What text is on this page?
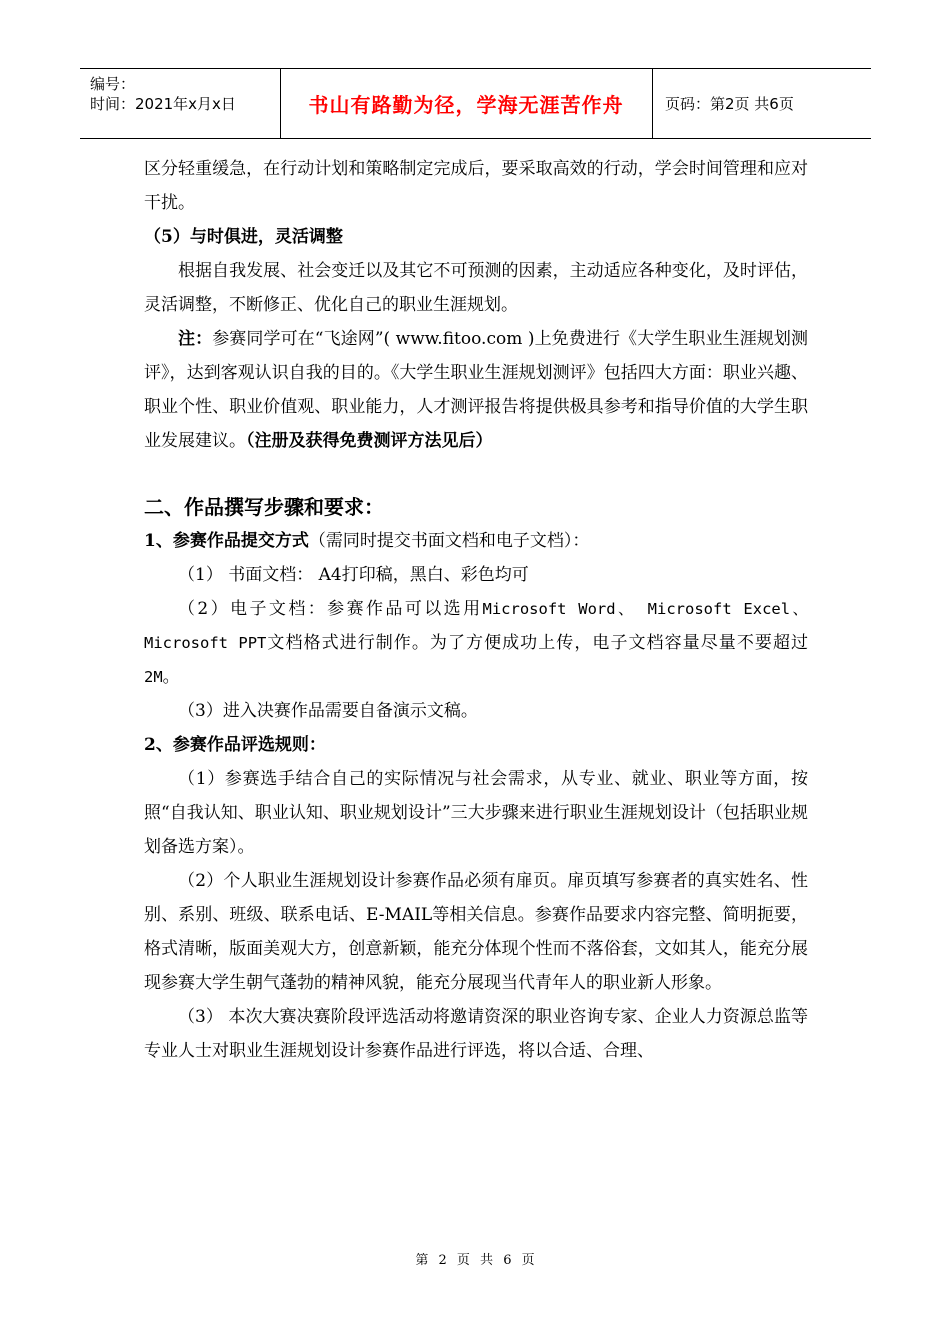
编号：
时间：2021年x月x日	书山有路勤为径，学海无涯苦作舟	页码：第2页 共6页

区分轻重缓急，在行动计划和策略制定完成后，要采取高效的行动，学会时间管理和应对干扰。

（5）与时俱进，灵活调整

根据自我发展、社会变迁以及其它不可预测的因素，主动适应各种变化，及时评估，灵活调整，不断修正、优化自己的职业生涯规划。

注：参赛同学可在“飞途网”( www.fitoo.com )上免费进行《大学生职业生涯规划测评》，达到客观认识自我的目的。《大学生职业生涯规划测评》包括四大方面：职业兴趣、职业个性、职业价值观、职业能力，人才测评报告将提供极具参考和指导价值的大学生职业发展建议。（注册及获得免费测评方法见后）

二、作品撰写步骤和要求：

1、参赛作品提交方式（需同时提交书面文档和电子文档）：

（1） 书面文档： A4打印稿，黑白、彩色均可

（2）电子文档：参赛作品可以选用Microsoft Word、 Microsoft Excel、Microsoft PPT文档格式进行制作。为了方便成功上传，电子文档容量尽量不要超过2M。

（3）进入决赛作品需要自备演示文稿。

2、参赛作品评选规则：

（1）参赛选手结合自己的实际情况与社会需求，从专业、就业、职业等方面，按照“自我认知、职业认知、职业规划设计”三大步骤来进行职业生涯规划设计（包括职业规划备选方案）。

（2）个人职业生涯规划设计参赛作品必须有扉页。扉页填写参赛者的真实姓名、性别、系别、班级、联系电话、E-MAIL等相关信息。参赛作品要求内容完整、简明扼要，格式清晰，版面美观大方，创意新颖，能充分体现个性而不落俗套，文如其人，能充分展现参赛大学生朝气蓬勃的精神风貌，能充分展现当代青年人的职业新人形象。

（3） 本次大赛决赛阶段评选活动将邀请资深的职业咨询专家、企业人力资源总监等专业人士对职业生涯规划设计参赛作品进行评选，将以合适、合理、

第 2 页 共 6 页
